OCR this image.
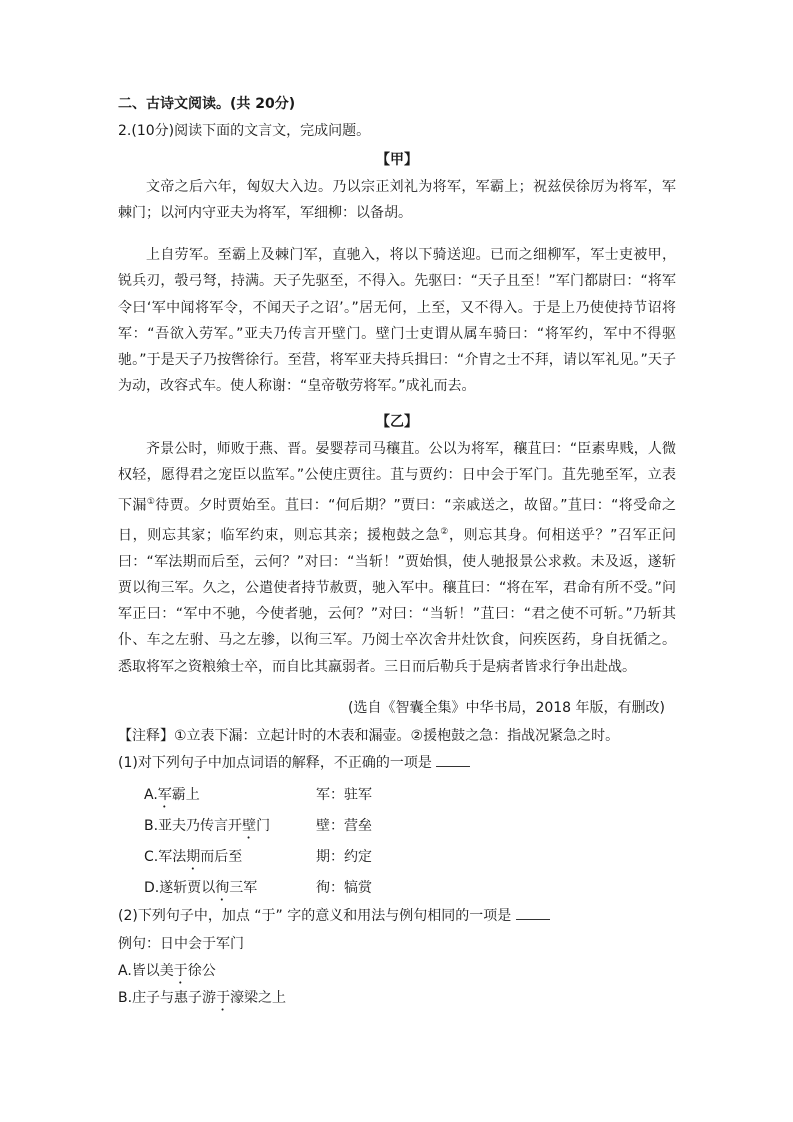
二、古诗文阅读。(共 20分)
2.(10分)阅读下面的文言文，完成问题。
【甲】
文帝之后六年，匈奴大入边。乃以宗正刘礼为将军，军霸上；祝兹侯徐厉为将军，军棘门；以河内守亚夫为将军，军细柳：以备胡。
上自劳军。至霸上及棘门军，直驰入，将以下骑送迎。已而之细柳军，军士吏被甲，锐兵刃，彀弓弩，持满。天子先驱至，不得入。先驱曰：“天子且至！”军门都尉曰：“将军令曰‘军中闻将军令，不闻天子之诏’。”居无何，上至，又不得入。于是上乃使使持节诏将军：“吾欲入劳军。”亚夫乃传言开壁门。壁门士吏谓从属车骑曰：“将军约，军中不得驱驰。”于是天子乃按辔徐行。至营，将军亚夫持兵揖曰：“介胄之士不拜，请以军礼见。”天子为动，改容式车。使人称谢：“皇帝敬劳将军。”成礼而去。
【乙】
齐景公时，师败于燕、晋。晏婴荐司马穰苴。公以为将军，穰苴曰：“臣素卑贱，人微权轻，愿得君之宠臣以监军。”公使庄贾往。苴与贾约：日中会于军门。苴先驰至军，立表下漏①待贾。夕时贾始至。苴曰：“何后期？”贾曰：“亲戚送之，故留。”苴曰：“将受命之日，则忘其家；临军约束，则忘其亲；援枹鼓之急②，则忘其身。何相送乎？”召军正问曰：“军法期而后至，云何？”对曰：“当斩！”贾始惧，使人驰报景公求救。未及返，遂斩贾以徇三军。久之，公遣使者持节赦贾，驰入军中。穰苴曰：“将在军，君命有所不受。”问军正曰：“军中不驰，今使者驰，云何？”对曰：“当斩！”苴曰：“君之使不可斩。”乃斩其仆、车之左驸、马之左骖，以徇三军。乃阅士卒次舍井灶饮食，问疾医药，身自抚循之。悉取将军之资粮飨士卒，而自比其羸弱者。三日而后勒兵于是病者皆求行争出赴战。
(选自《智囊全集》中华书局，2018 年版，有删改)
【注释】①立表下漏：立起计时的木表和漏壶。②援枹鼓之急：指战况紧急之时。
(1)对下列句子中加点词语的解释，不正确的一项是
A.军霸上	军：驻军
B.亚夫乃传言开壁门	壁：营垒
C.军法期而后至	期：约定
D.遂斩贾以徇三军	徇：犒赏
(2)下列句子中，加点 “于” 字的意义和用法与例句相同的一项是
例句：日中会于军门
A.皆以美于徐公
B.庄子与惠子游于濠梁之上
